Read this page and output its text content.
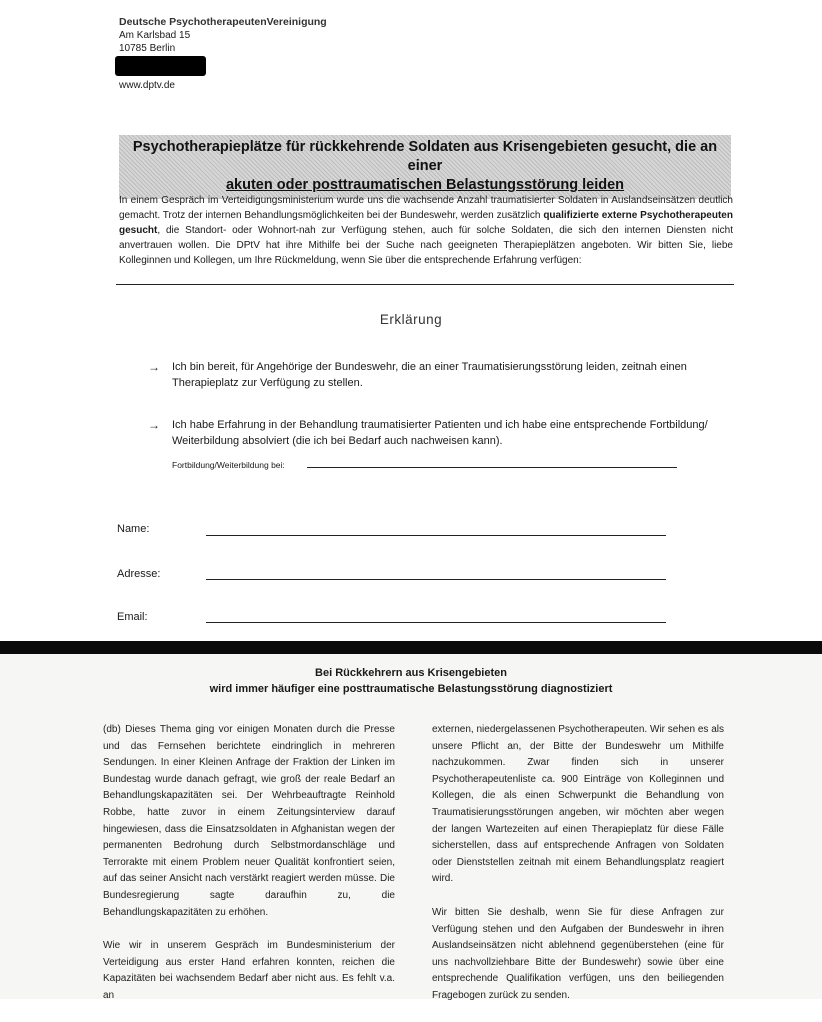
Deutsche PsychotherapeutenVereinigung
Am Karlsbad 15
10785 Berlin
www.dptv.de
Psychotherapieplätze für rückkehrende Soldaten aus Krisengebieten gesucht, die an einer
akuten oder posttraumatischen Belastungsstörung leiden
In einem Gespräch im Verteidigungsministerium wurde uns die wachsende Anzahl traumatisierter Soldaten in Auslandseinsätzen deutlich gemacht. Trotz der internen Behandlungsmöglichkeiten bei der Bundeswehr, werden zusätzlich qualifizierte externe Psychotherapeuten gesucht, die Standort- oder Wohnort-nah zur Verfügung stehen, auch für solche Soldaten, die sich den internen Diensten nicht anvertrauen wollen. Die DPtV hat ihre Mithilfe bei der Suche nach geeigneten Therapieplätzen angeboten. Wir bitten Sie, liebe Kolleginnen und Kollegen, um Ihre Rückmeldung, wenn Sie über die entsprechende Erfahrung verfügen:
Erklärung
→	Ich bin bereit, für Angehörige der Bundeswehr, die an einer Traumatisierungsstörung leiden, zeitnah einen Therapieplatz zur Verfügung zu stellen.
→	Ich habe Erfahrung in der Behandlung traumatisierter Patienten und ich habe eine entsprechende Fortbildung/ Weiterbildung absolviert (die ich bei Bedarf auch nachweisen kann).
Fortbildung/Weiterbildung bei:
Name:
Adresse:
Email:
Bei Rückkehrern aus Krisengebieten
wird immer häufiger eine posttraumatische Belastungsstörung diagnostiziert

(db) Dieses Thema ging vor einigen Monaten durch die Presse und das Fernsehen berichtete eindringlich in mehreren Sendungen. In einer Kleinen Anfrage der Fraktion der Linken im Bundestag wurde danach gefragt, wie groß der reale Bedarf an Behandlungskapazitäten sei. Der Wehrbeauftragte Reinhold Robbe, hatte zuvor in einem Zeitungsinterview darauf hingewiesen, dass die Einsatzsoldaten in Afghanistan wegen der permanenten Bedrohung durch Selbstmordanschläge und Terrorakte mit einem Problem neuer Qualität konfrontiert seien, auf das seiner Ansicht nach verstärkt reagiert werden müsse. Die Bundesregierung sagte daraufhin zu, die Behandlungskapazitäten zu erhöhen.

Wie wir in unserem Gespräch im Bundesministerium der Verteidigung aus erster Hand erfahren konnten, reichen die Kapazitäten bei wachsendem Bedarf aber nicht aus. Es fehlt v.a. an

externen, niedergelassenen Psychotherapeuten. Wir sehen es als unsere Pflicht an, der Bitte der Bundeswehr um Mithilfe nachzukommen. Zwar finden sich in unserer Psychotherapeutenliste ca. 900 Einträge von Kolleginnen und Kollegen, die als einen Schwerpunkt die Behandlung von Traumatisierungsstörungen angeben, wir möchten aber wegen der langen Wartezeiten auf einen Therapieplatz für diese Fälle sicherstellen, dass auf entsprechende Anfragen von Soldaten oder Dienststellen zeitnah mit einem Behandlungsplatz reagiert wird.

Wir bitten Sie deshalb, wenn Sie für diese Anfragen zur Verfügung stehen und den Aufgaben der Bundeswehr in ihren Auslandseinsätzen nicht ablehnend gegenüberstehen (eine für uns nachvollziehbare Bitte der Bundeswehr) sowie über eine entsprechende Qualifikation verfügen, uns den beiliegenden Fragebogen zurück zu senden.
